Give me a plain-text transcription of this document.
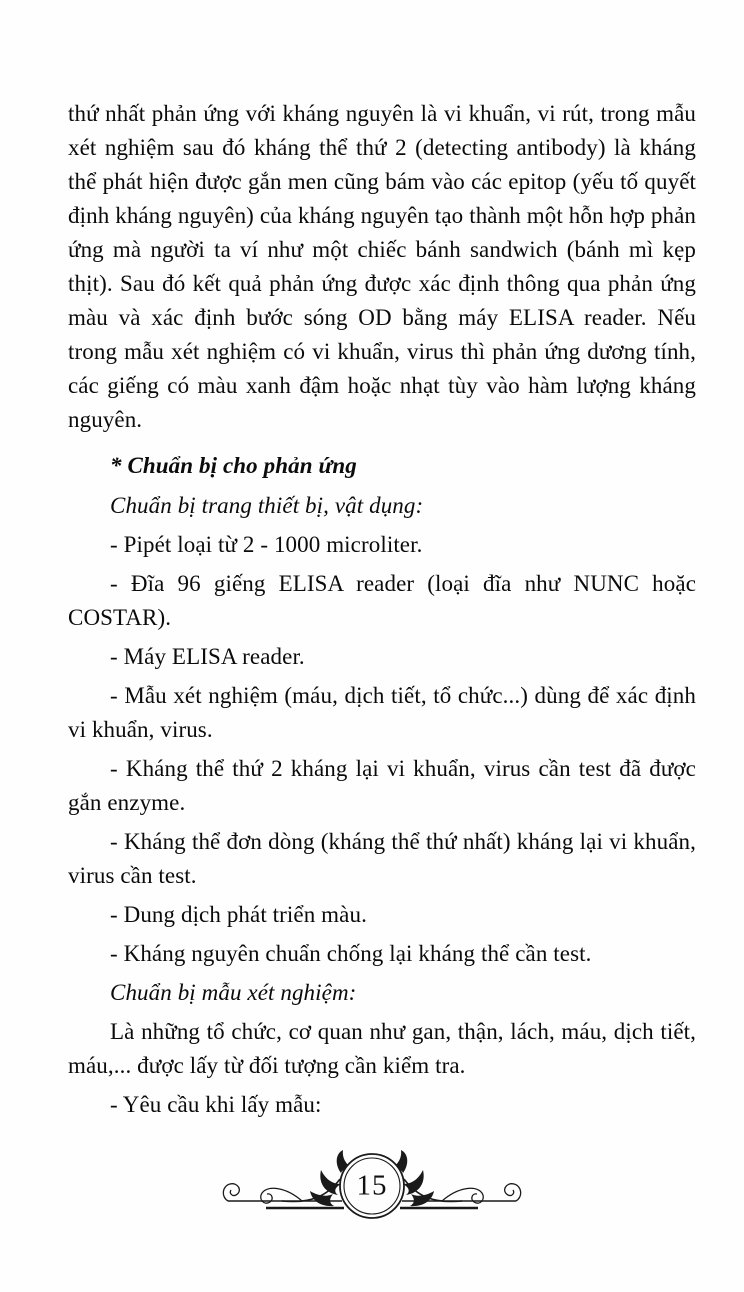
thứ nhất phản ứng với kháng nguyên là vi khuẩn, vi rút, trong mẫu xét nghiệm sau đó kháng thể thứ 2 (detecting antibody) là kháng thể phát hiện được gắn men cũng bám vào các epitop (yếu tố quyết định kháng nguyên) của kháng nguyên tạo thành một hỗn hợp phản ứng mà người ta ví như một chiếc bánh sandwich (bánh mì kẹp thịt). Sau đó kết quả phản ứng được xác định thông qua phản ứng màu và xác định bước sóng OD bằng máy ELISA reader. Nếu trong mẫu xét nghiệm có vi khuẩn, virus thì phản ứng dương tính, các giếng có màu xanh đậm hoặc nhạt tùy vào hàm lượng kháng nguyên.

* Chuẩn bị cho phản ứng

Chuẩn bị trang thiết bị, vật dụng:

- Pipét loại từ 2 - 1000 microliter.

- Đĩa 96 giếng ELISA reader (loại đĩa như NUNC hoặc COSTAR).

- Máy ELISA reader.

- Mẫu xét nghiệm (máu, dịch tiết, tổ chức...) dùng để xác định vi khuẩn, virus.

- Kháng thể thứ 2 kháng lại vi khuẩn, virus cần test đã được gắn enzyme.

- Kháng thể đơn dòng (kháng thể thứ nhất) kháng lại vi khuẩn, virus cần test.

- Dung dịch phát triển màu.

- Kháng nguyên chuẩn chống lại kháng thể cần test.

Chuẩn bị mẫu xét nghiệm:

Là những tổ chức, cơ quan như gan, thận, lách, máu, dịch tiết, máu,... được lấy từ đối tượng cần kiểm tra.

- Yêu cầu khi lấy mẫu:

15
